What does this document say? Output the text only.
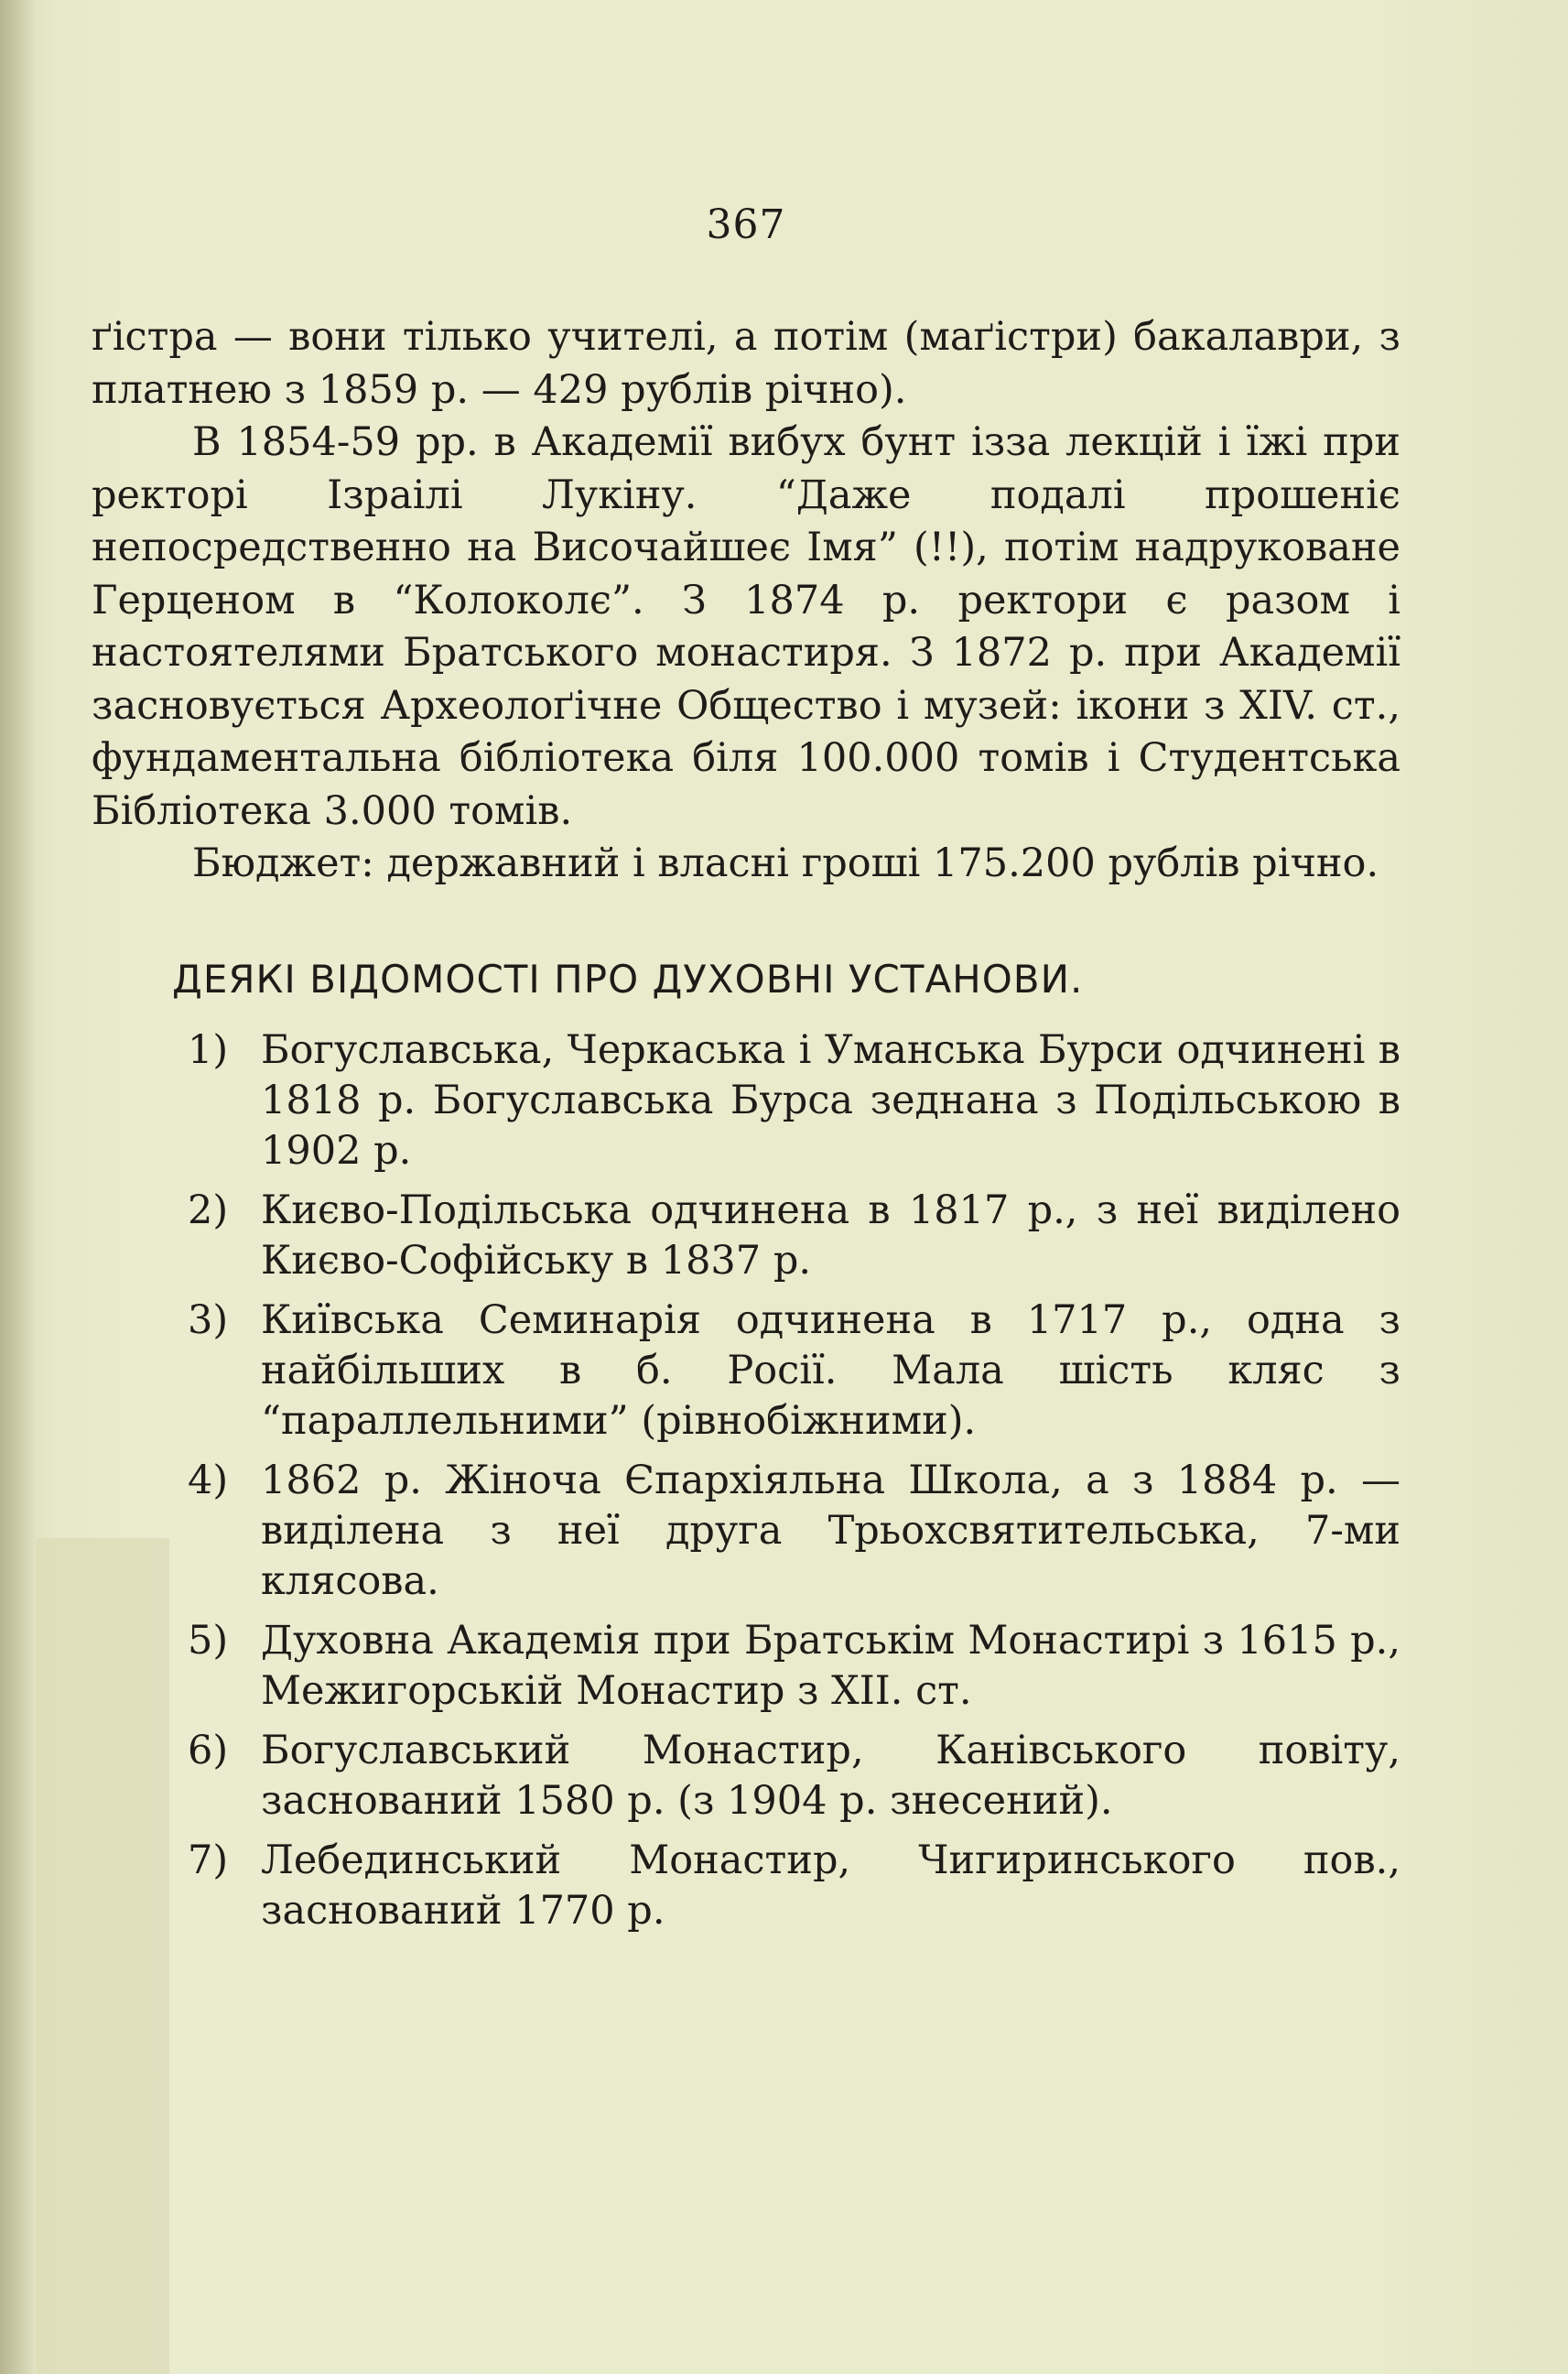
367

ґістра — вони тілько учителі, а потім (маґістри) бакалаври, з платнею з 1859 р. — 429 рублів річно).

В 1854-59 рр. в Академії вибух бунт ізза лекцій і їжі при ректорі Ізраілі Лукіну. “Даже подалі прошеніє непосредственно на Височайшеє Імя” (!!), потім надруковане Герценом в “Колоколє”. З 1874 р. ректори є разом і настоятелями Братського монастиря. З 1872 р. при Академії засновується Археолоґічне Общество і музей: ікони з XIV. ст., фундаментальна бібліотека біля 100.000 томів і Студентська Бібліотека 3.000 томів.

Бюджет: державний і власні гроші 175.200 рублів річно.

ДЕЯКІ ВІДОМОСТІ ПРО ДУХОВНІ УСТАНОВИ.
1) Богуславська, Черкаська і Уманська Бурси одчинені в 1818 р. Богуславська Бурса зеднана з Подільською в 1902 р.
2) Києво-Подільська одчинена в 1817 р., з неї виділено Києво-Софійську в 1837 р.
3) Київська Семинарія одчинена в 1717 р., одна з найбільших в б. Росії. Мала шість кляс з “параллельними” (рівнобіжними).
4) 1862 р. Жіноча Єпархіяльна Школа, а з 1884 р. — виділена з неї друга Трьохсвятительська, 7-ми клясова.
5) Духовна Академія при Братськім Монастирі з 1615 р., Межигорській Монастир з XII. ст.
6) Богуславський Монастир, Канівського повіту, заснований 1580 р. (з 1904 р. знесений).
7) Лебединський Монастир, Чигиринського пов., заснований 1770 р.
